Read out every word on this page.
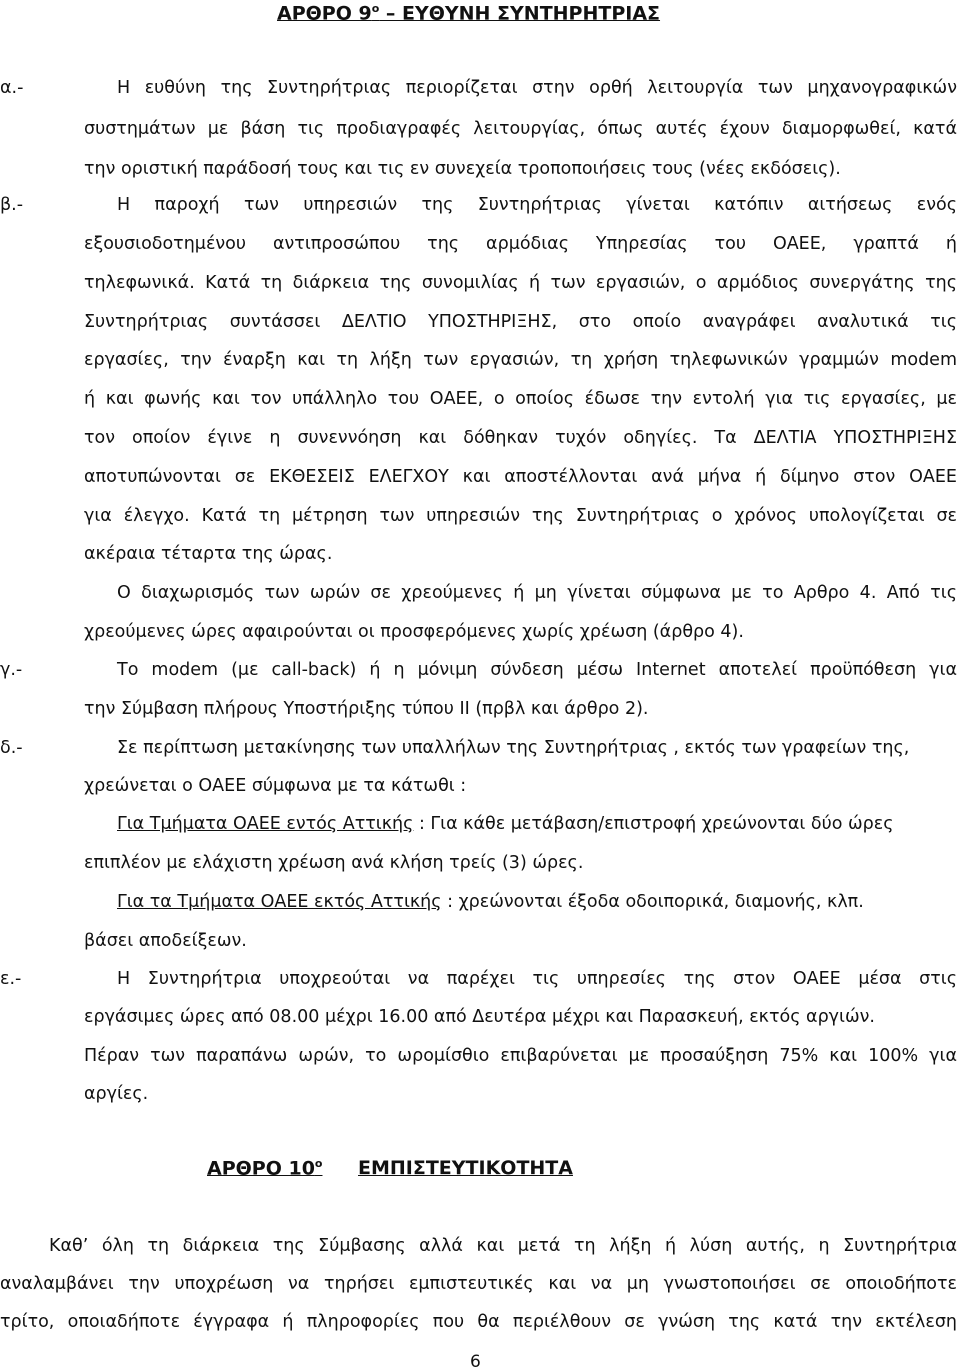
ΑΡΘΡΟ $9^o$ – ΕΥΘΥΝΗ ΣΥΝΤΗΡΗΤΡΙΑΣ
α.-	Η ευθύνη της Συντηρήτριας περιορίζεται στην ορθή λειτουργία των μηχανογραφικών
συστημάτων με βάση τις προδιαγραφές λειτουργίας, όπως αυτές έχουν διαμορφωθεί, κατά
την οριστική παράδοσή τους και τις εν συνεχεία τροποποιήσεις τους (νέες εκδόσεις).
β.-	Η παροχή των υπηρεσιών της Συντηρήτριας γίνεται κατόπιν αιτήσεως ενός
εξουσιοδοτημένου αντιπροσώπου της αρμόδιας Υπηρεσίας του ΟΑΕΕ, γραπτά ή
τηλεφωνικά. Κατά τη διάρκεια της συνομιλίας ή των εργασιών, ο αρμόδιος συνεργάτης της
Συντηρήτριας συντάσσει ΔΕΛΤΙΟ ΥΠΟΣΤΗΡΙΞΗΣ, στο οποίο αναγράφει αναλυτικά τις
εργασίες, την έναρξη και τη λήξη των εργασιών, τη χρήση τηλεφωνικών γραμμών modem
ή και φωνής και τον υπάλληλο του ΟΑΕΕ, ο οποίος έδωσε την εντολή για τις εργασίες, με
τον οποίον έγινε η συνεννόηση και δόθηκαν τυχόν οδηγίες. Τα ΔΕΛΤΙΑ ΥΠΟΣΤΗΡΙΞΗΣ
αποτυπώνονται σε ΕΚΘΕΣΕΙΣ ΕΛΕΓΧΟΥ και αποστέλλονται ανά μήνα ή δίμηνο στον ΟΑΕΕ
για έλεγχο. Κατά τη μέτρηση των υπηρεσιών της Συντηρήτριας ο χρόνος υπολογίζεται σε
ακέραια τέταρτα της ώρας.
Ο διαχωρισμός των ωρών σε χρεούμενες ή μη γίνεται σύμφωνα με το Αρθρο 4. Από τις
χρεούμενες ώρες αφαιρούνται οι προσφερόμενες χωρίς χρέωση (άρθρο 4).
γ.-	Το modem (με call-back) ή η μόνιμη σύνδεση μέσω Internet αποτελεί προϋπόθεση για
την Σύμβαση πλήρους Υποστήριξης τύπου ΙΙ (πρβλ και άρθρο 2).
δ.-	Σε περίπτωση μετακίνησης των υπαλλήλων της Συντηρήτριας , εκτός των γραφείων της,
χρεώνεται ο ΟΑΕΕ σύμφωνα με τα κάτωθι :
Για Τμήματα ΟΑΕΕ εντός Αττικής : Για κάθε μετάβαση/επιστροφή χρεώνονται δύο ώρες
επιπλέον με ελάχιστη χρέωση ανά κλήση τρείς (3) ώρες.
Για τα Τμήματα ΟΑΕΕ εκτός Αττικής : χρεώνονται έξοδα οδοιπορικά, διαμονής, κλπ.
βάσει αποδείξεων.
ε.-	Η Συντηρήτρια υποχρεούται να παρέχει τις υπηρεσίες της στον ΟΑΕΕ μέσα στις
εργάσιμες ώρες από 08.00 μέχρι 16.00 από Δευτέρα μέχρι και Παρασκευή, εκτός αργιών.
Πέραν των παραπάνω ωρών, το ωρομίσθιο επιβαρύνεται με προσαύξηση 75% και 100% για
αργίες.
ΑΡΘΡΟ $10^o$ ΕΜΠΙΣΤΕΥΤΙΚΟΤΗΤΑ
Καθ’ όλη τη διάρκεια της Σύμβασης αλλά και μετά τη λήξη ή λύση αυτής, η Συντηρήτρια
αναλαμβάνει την υποχρέωση να τηρήσει εμπιστευτικές και να μη γνωστοποιήσει σε οποιοδήποτε
τρίτο, οποιαδήποτε έγγραφα ή πληροφορίες που θα περιέλθουν σε γνώση της κατά την εκτέλεση
6
